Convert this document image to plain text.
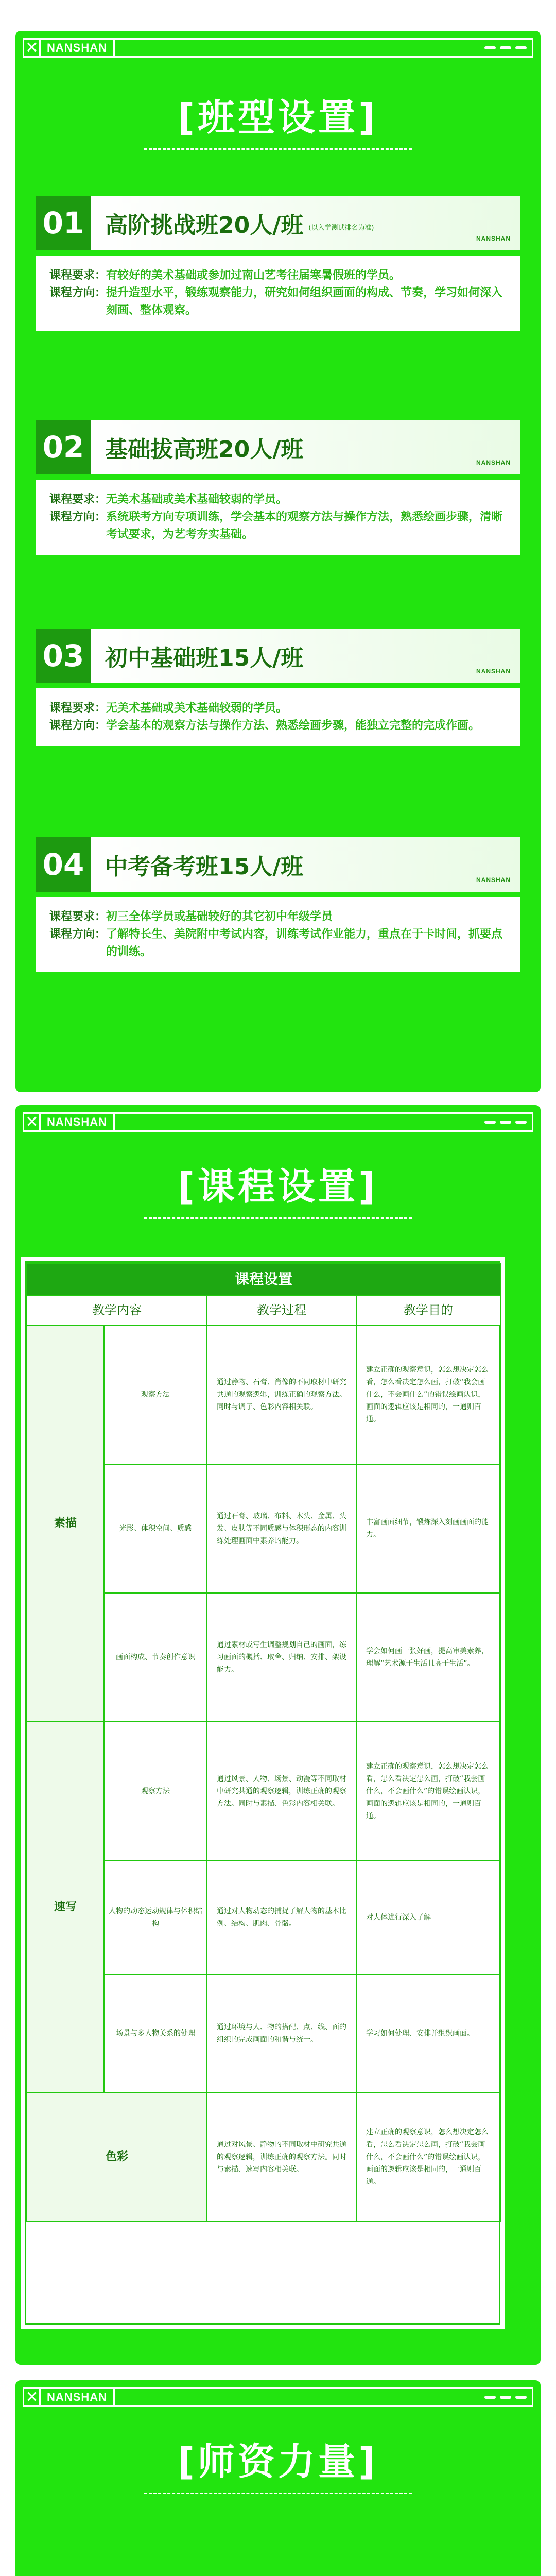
NANSHAN
[班型设置]
01 高阶挑战班20人/班 (以入学测试排名为准)
NANSHAN
课程要求： 有较好的美术基础或参加过南山艺考往届寒暑假班的学员。
课程方向： 提升造型水平，锻练观察能力，研究如何组织画面的构成、节奏，学习如何深入刻画、整体观察。
02 基础拔高班20人/班	NANSHAN
课程要求： 无美术基础或美术基础较弱的学员。
课程方向： 系统联考方向专项训练，学会基本的观察方法与操作方法，熟悉绘画步骤，清晰考试要求，为艺考夯实基础。
03 初中基础班15人/班	NANSHAN
课程要求： 无美术基础或美术基础较弱的学员。
课程方向： 学会基本的观察方法与操作方法、熟悉绘画步骤，能独立完整的完成作画。
04 中考备考班15人/班	NANSHAN
课程要求： 初三全体学员或基础较好的其它初中年级学员
课程方向： 了解特长生、美院附中考试内容，训练考试作业能力，重点在于卡时间，抓要点的训练。
NANSHAN
[课程设置]
课程设置			
教学内容		教学过程	教学目的
素描	观察方法	通过静物、石膏、肖像的不同取材中研究共通的观察逻辑，训练正确的观察方法。同时与调子、色彩内容相关联。	建立正确的观察意识，怎么想决定怎么看，怎么看决定怎么画，打破“我会画什么，不会画什么”的错误绘画认识，画面的逻辑应该是相同的，一通则百通。
	光影、体积空间、质感	通过石膏、玻璃、布料、木头、金属、头发、皮肤等不同质感与体积形态的内容训练处理画面中素养的能力。	丰富画面细节，锻炼深入刻画画面的能力。
	画面构成、节奏创作意识	通过素材或写生调整规划自己的画面，练习画面的概括、取舍、归纳、安排、架设能力。	学会如何画一张好画，提高审美素养，理解“艺术源于生活且高于生活”。
速写	观察方法	通过风景、人物、场景、动漫等不同取材中研究共通的观察逻辑，训练正确的观察方法。同时与素描、色彩内容相关联。	建立正确的观察意识，怎么想决定怎么看，怎么看决定怎么画，打破“我会画什么，不会画什么”的错误绘画认识，画面的逻辑应该是相同的，一通则百通。
	人物的动态运动规律与体积结构	通过对人物动态的捕捉了解人物的基本比例、结构、肌肉、骨骼。	对人体进行深入了解
	场景与多人物关系的处理	通过环境与人、物的搭配、点、线、面的组织的完成画面的和谐与统一。	学习如何处理、安排并组织画面。
色彩		通过对风景、静物的不同取材中研究共通的观察逻辑，训练正确的观察方法。同时与素描、速写内容相关联。	建立正确的观察意识，怎么想决定怎么看，怎么看决定怎么画，打破“我会画什么，不会画什么”的错误绘画认识，画面的逻辑应该是相同的，一通则百通。
NANSHAN
[师资力量]
